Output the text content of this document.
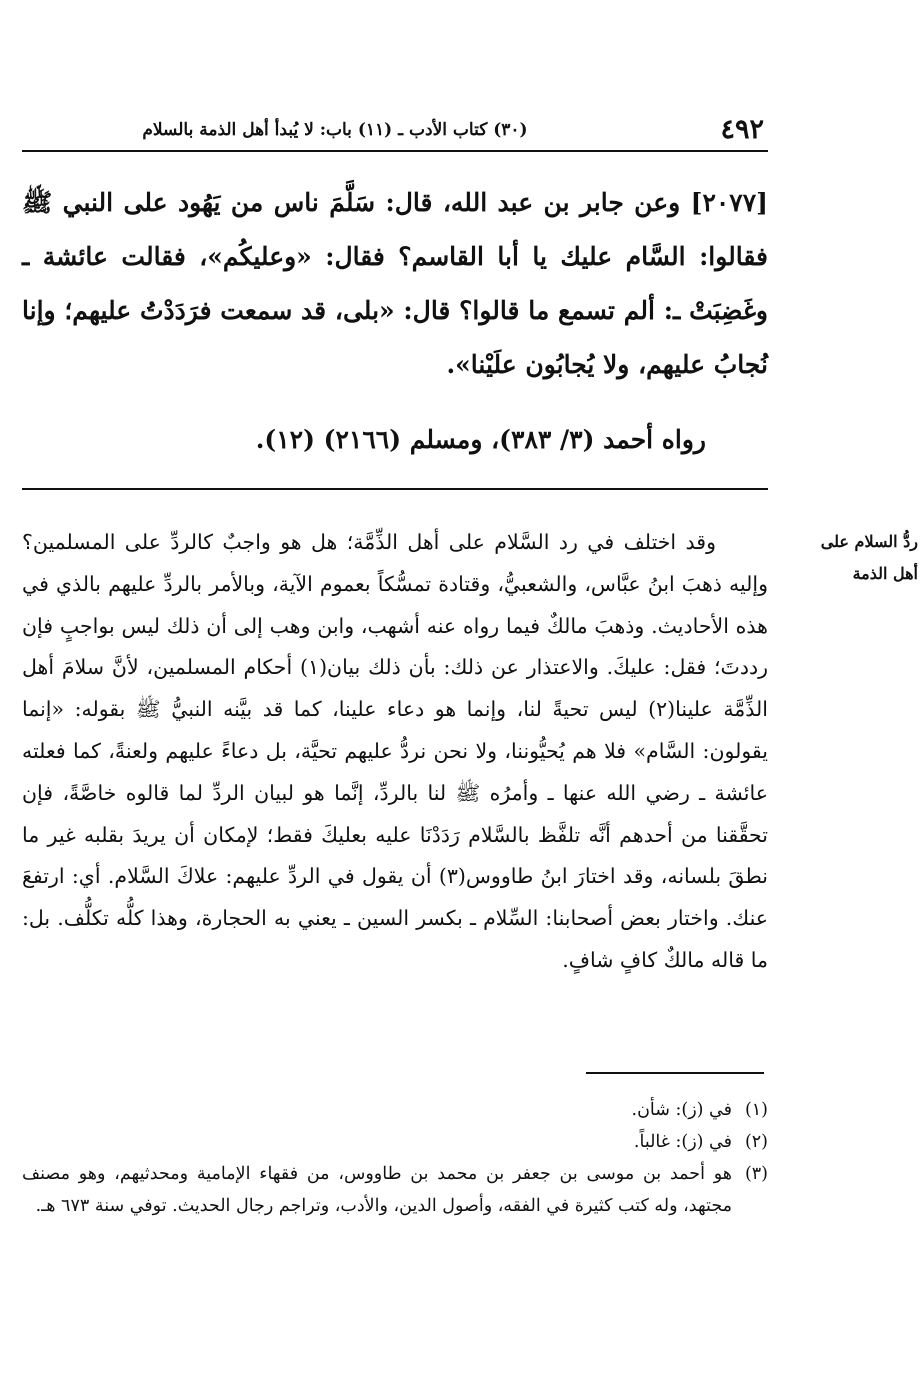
(٣٠) كتاب الأدب ـ (١١) باب: لا يُبدأ أهل الذمة بالسلام	٤٩٢

[٢٠٧٧] وعن جابر بن عبد الله، قال: سَلَّمَ ناس من يَهُود على النبي ﷺ فقالوا: السَّام عليك يا أبا القاسم؟ فقال: «وعليكُم»، فقالت عائشة ـ وغَضِبَتْ ـ: ألم تسمع ما قالوا؟ قال: «بلى، قد سمعت فرَدَدْتُ عليهم؛ وإنا نُجابُ عليهم، ولا يُجابُون علَيْنا».

رواه أحمد (٣/ ٣٨٣)، ومسلم (٢١٦٦) (١٢).

ردُّ السلام على
أهل الذمة

وقد اختلف في رد السَّلام على أهل الذِّمَّة؛ هل هو واجبٌ كالردِّ على المسلمين؟ وإليه ذهبَ ابنُ عبَّاس، والشعبيُّ، وقتادة تمسُّكاً بعموم الآية، وبالأمر بالردِّ عليهم بالذي في هذه الأحاديث. وذهبَ مالكٌ فيما رواه عنه أشهب، وابن وهب إلى أن ذلك ليس بواجبٍ فإن رددتَ؛ فقل: عليكَ. والاعتذار عن ذلك: بأن ذلك بيان(١) أحكام المسلمين، لأنَّ سلامَ أهل الذِّمَّة علينا(٢) ليس تحيةً لنا، وإنما هو دعاء علينا، كما قد بيَّنه النبيُّ ﷺ بقوله: «إنما يقولون: السَّام» فلا هم يُحيُّوننا، ولا نحن نردُّ عليهم تحيَّة، بل دعاءً عليهم ولعنةً، كما فعلته عائشة ـ رضي الله عنها ـ وأمرُه ﷺ لنا بالردِّ، إنَّما هو لبيان الردِّ لما قالوه خاصَّةً، فإن تحقَّقنا من أحدهم أنَّه تلفَّظ بالسَّلام رَدَدْنَا عليه بعليكَ فقط؛ لإمكان أن يريدَ بقلبه غير ما نطقَ بلسانه، وقد اختارَ ابنُ طاووس(٣) أن يقول في الردِّ عليهم: علاكَ السَّلام. أي: ارتفعَ عنك. واختار بعض أصحابنا: السِّلام ـ بكسر السين ـ يعني به الحجارة، وهذا كلُّه تكلُّف. بل: ما قاله مالكٌ كافٍ شافٍ.

(١)
في (ز): شأن.
(٢)
في (ز): غالباً.
(٣)
هو أحمد بن موسى بن جعفر بن محمد بن طاووس، من فقهاء الإمامية ومحدثيهم، وهو مصنف مجتهد، وله كتب كثيرة في الفقه، وأصول الدين، والأدب، وتراجم رجال الحديث. توفي سنة ٦٧٣ هـ.
